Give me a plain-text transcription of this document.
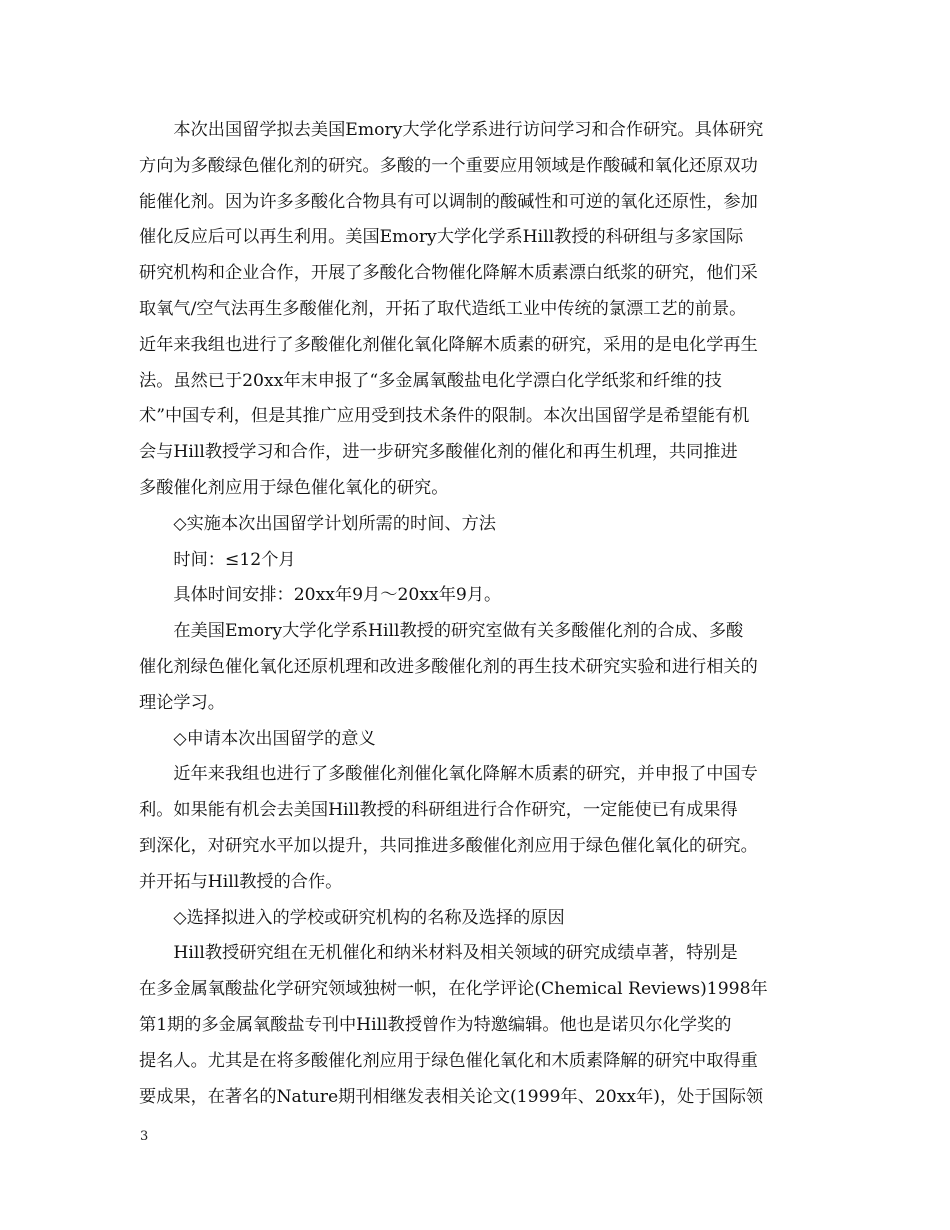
本次出国留学拟去美国Emory大学化学系进行访问学习和合作研究。具体研究
方向为多酸绿色催化剂的研究。多酸的一个重要应用领域是作酸碱和氧化还原双功
能催化剂。因为许多多酸化合物具有可以调制的酸碱性和可逆的氧化还原性，参加
催化反应后可以再生利用。美国Emory大学化学系Hill教授的科研组与多家国际
研究机构和企业合作，开展了多酸化合物催化降解木质素漂白纸浆的研究，他们采
取氧气/空气法再生多酸催化剂，开拓了取代造纸工业中传统的氯漂工艺的前景。
近年来我组也进行了多酸催化剂催化氧化降解木质素的研究，采用的是电化学再生
法。虽然已于20xx年末申报了“多金属氧酸盐电化学漂白化学纸浆和纤维的技
术”中国专利，但是其推广应用受到技术条件的限制。本次出国留学是希望能有机
会与Hill教授学习和合作，进一步研究多酸催化剂的催化和再生机理，共同推进
多酸催化剂应用于绿色催化氧化的研究。
◇实施本次出国留学计划所需的时间、方法
时间：≤12个月
具体时间安排：20xx年9月～20xx年9月。
在美国Emory大学化学系Hill教授的研究室做有关多酸催化剂的合成、多酸
催化剂绿色催化氧化还原机理和改进多酸催化剂的再生技术研究实验和进行相关的
理论学习。
◇申请本次出国留学的意义
近年来我组也进行了多酸催化剂催化氧化降解木质素的研究，并申报了中国专
利。如果能有机会去美国Hill教授的科研组进行合作研究，一定能使已有成果得
到深化，对研究水平加以提升，共同推进多酸催化剂应用于绿色催化氧化的研究。
并开拓与Hill教授的合作。
◇选择拟进入的学校或研究机构的名称及选择的原因
Hill教授研究组在无机催化和纳米材料及相关领域的研究成绩卓著，特别是
在多金属氧酸盐化学研究领域独树一帜，在化学评论(Chemical Reviews)1998年
第1期的多金属氧酸盐专刊中Hill教授曾作为特邀编辑。他也是诺贝尔化学奖的
提名人。尤其是在将多酸催化剂应用于绿色催化氧化和木质素降解的研究中取得重
要成果，在著名的Nature期刊相继发表相关论文(1999年、20xx年)，处于国际领
3
